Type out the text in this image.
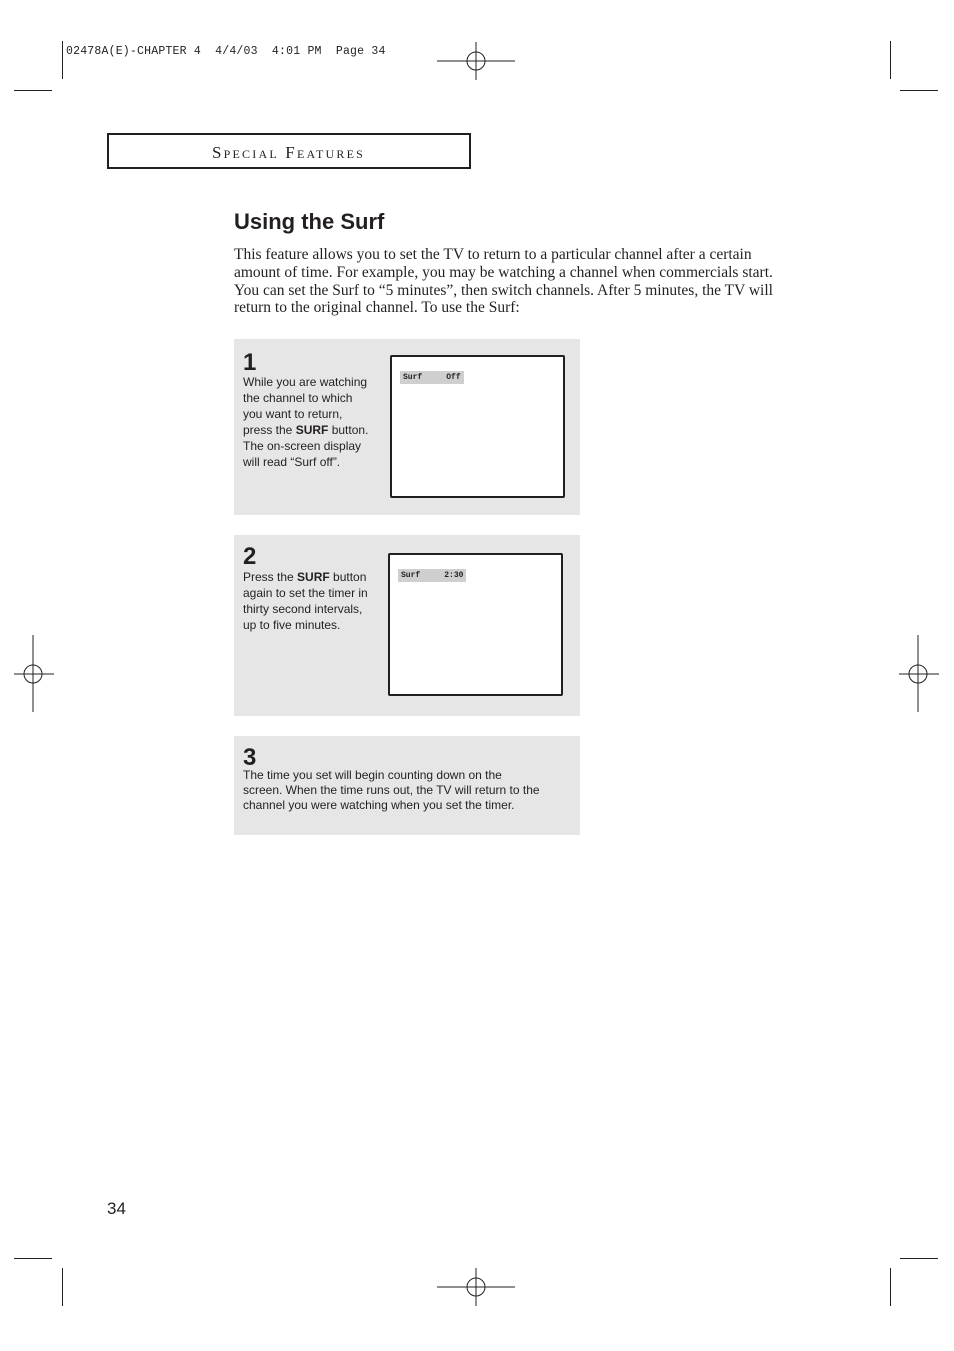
02478A(E)-CHAPTER 4  4/4/03  4:01 PM  Page 34
Special Features
Using the Surf

This feature allows you to set the TV to return to a particular channel after a certain amount of time. For example, you may be watching a channel when commercials start. You can set the Surf to “5 minutes”, then switch channels. After 5 minutes, the TV will return to the original channel. To use the Surf:

1

While you are watching the channel to which you want to return, press the SURF button. The on-screen display will read “Surf off”.

Surf	Off
2

Press the SURF button again to set the timer in thirty second intervals, up to five minutes.

Surf	2:30
3

The time you set will begin counting down on the screen. When the time runs out, the TV will return to the channel you were watching when you set the timer.

34
